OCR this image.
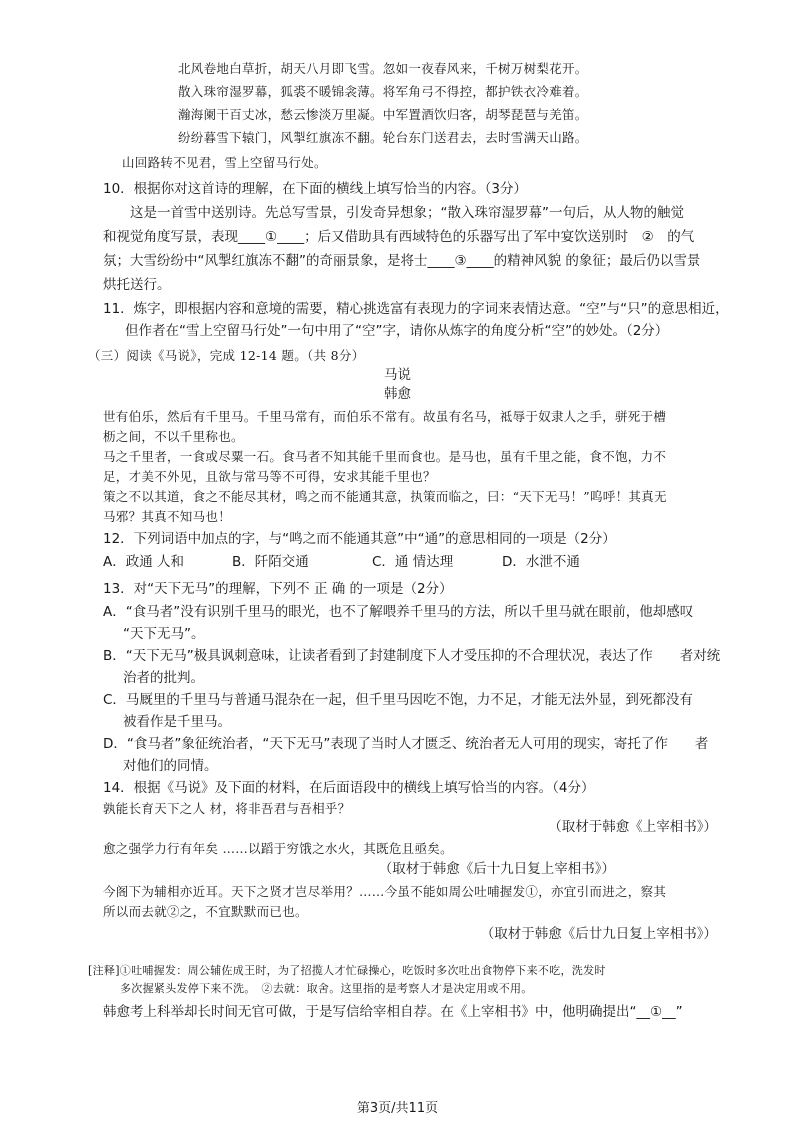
北风卷地白草折，胡天八月即飞雪。忽如一夜春风来，千树万树梨花开。
散入珠帘湿罗幕，狐裘不暖锦衾薄。将军角弓不得控，都护铁衣冷难着。
瀚海阑干百丈冰，愁云惨淡万里凝。中军置酒饮归客，胡琴琵琶与羌笛。
纷纷暮雪下辕门，风掣红旗冻不翻。轮台东门送君去，去时雪满天山路。
山回路转不见君，雪上空留马行处。
10．根据你对这首诗的理解，在下面的横线上填写恰当的内容。（3分）
这是一首雪中送别诗。先总写雪景，引发奇异想象；“散入珠帘湿罗幕”一句后，从人物的触觉
和视觉角度写景，表现____①____；后又借助具有西域特色的乐器写出了军中宴饮送别时　②　的气
氛；大雪纷纷中“风掣红旗冻不翻”的奇丽景象，是将士____③____的精神风貌 的象征；最后仍以雪景
烘托送行。
11．炼字，即根据内容和意境的需要，精心挑选富有表现力的字词来表情达意。“空”与“只”的意思相近，
但作者在“雪上空留马行处”一句中用了“空”字，请你从炼字的角度分析“空”的妙处。（2分）
（三）阅读《马说》，完成 12-14 题。（共 8分）
马说
韩愈
世有伯乐，然后有千里马。千里马常有，而伯乐不常有。故虽有名马，祗辱于奴隶人之手，骈死于槽
枥之间，不以千里称也。
马之千里者，一食或尽粟一石。食马者不知其能千里而食也。是马也，虽有千里之能，食不饱，力不
足，才美不外见，且欲与常马等不可得，安求其能千里也？
策之不以其道，食之不能尽其材，鸣之而不能通其意，执策而临之，曰：“天下无马！”呜呼！其真无
马邪？其真不知马也！
12．下列词语中加点的字，与“鸣之而不能通其意”中“通”的意思相同的一项是（2分）
A．政通 人和	B．阡陌交通	C．通 情达理	D．水泄不通
13．对“天下无马”的理解，下列不 正 确 的一项是（2分）
A．“食马者”没有识别千里马的眼光，也不了解喂养千里马的方法，所以千里马就在眼前，他却感叹
“天下无马”。
B．“天下无马”极具讽刺意味，让读者看到了封建制度下人才受压抑的不合理状况，表达了作　　者对统
治者的批判。
C．马厩里的千里马与普通马混杂在一起，但千里马因吃不饱，力不足，才能无法外显，到死都没有
被看作是千里马。
D．“食马者”象征统治者，“天下无马”表现了当时人才匮乏、统治者无人可用的现实，寄托了作　　者
对他们的同情。
14．根据《马说》及下面的材料，在后面语段中的横线上填写恰当的内容。（4分）
孰能长育天下之人 材，将非吾君与吾相乎？
（取材于韩愈《上宰相书》）
愈之强学力行有年矣 ……以蹈于穷饿之水火，其既危且亟矣。
（取材于韩愈《后十九日复上宰相书》）
今阁下为辅相亦近耳。天下之贤才岂尽举用？……今虽不能如周公吐哺握发①，亦宜引而进之，察其
所以而去就②之，不宜默默而已也。
（取材于韩愈《后廿九日复上宰相书》）
[注释]①吐哺握发：周公辅佐成王时，为了招揽人才忙碌操心，吃饭时多次吐出食物停下来不吃，洗发时
多次握紧头发停下来不洗。　②去就：取舍。这里指的是考察人才是决定用或不用。
韩愈考上科举却长时间无官可做，于是写信给宰相自荐。在《上宰相书》中，他明确提出“__①__”
第3页/共11页
